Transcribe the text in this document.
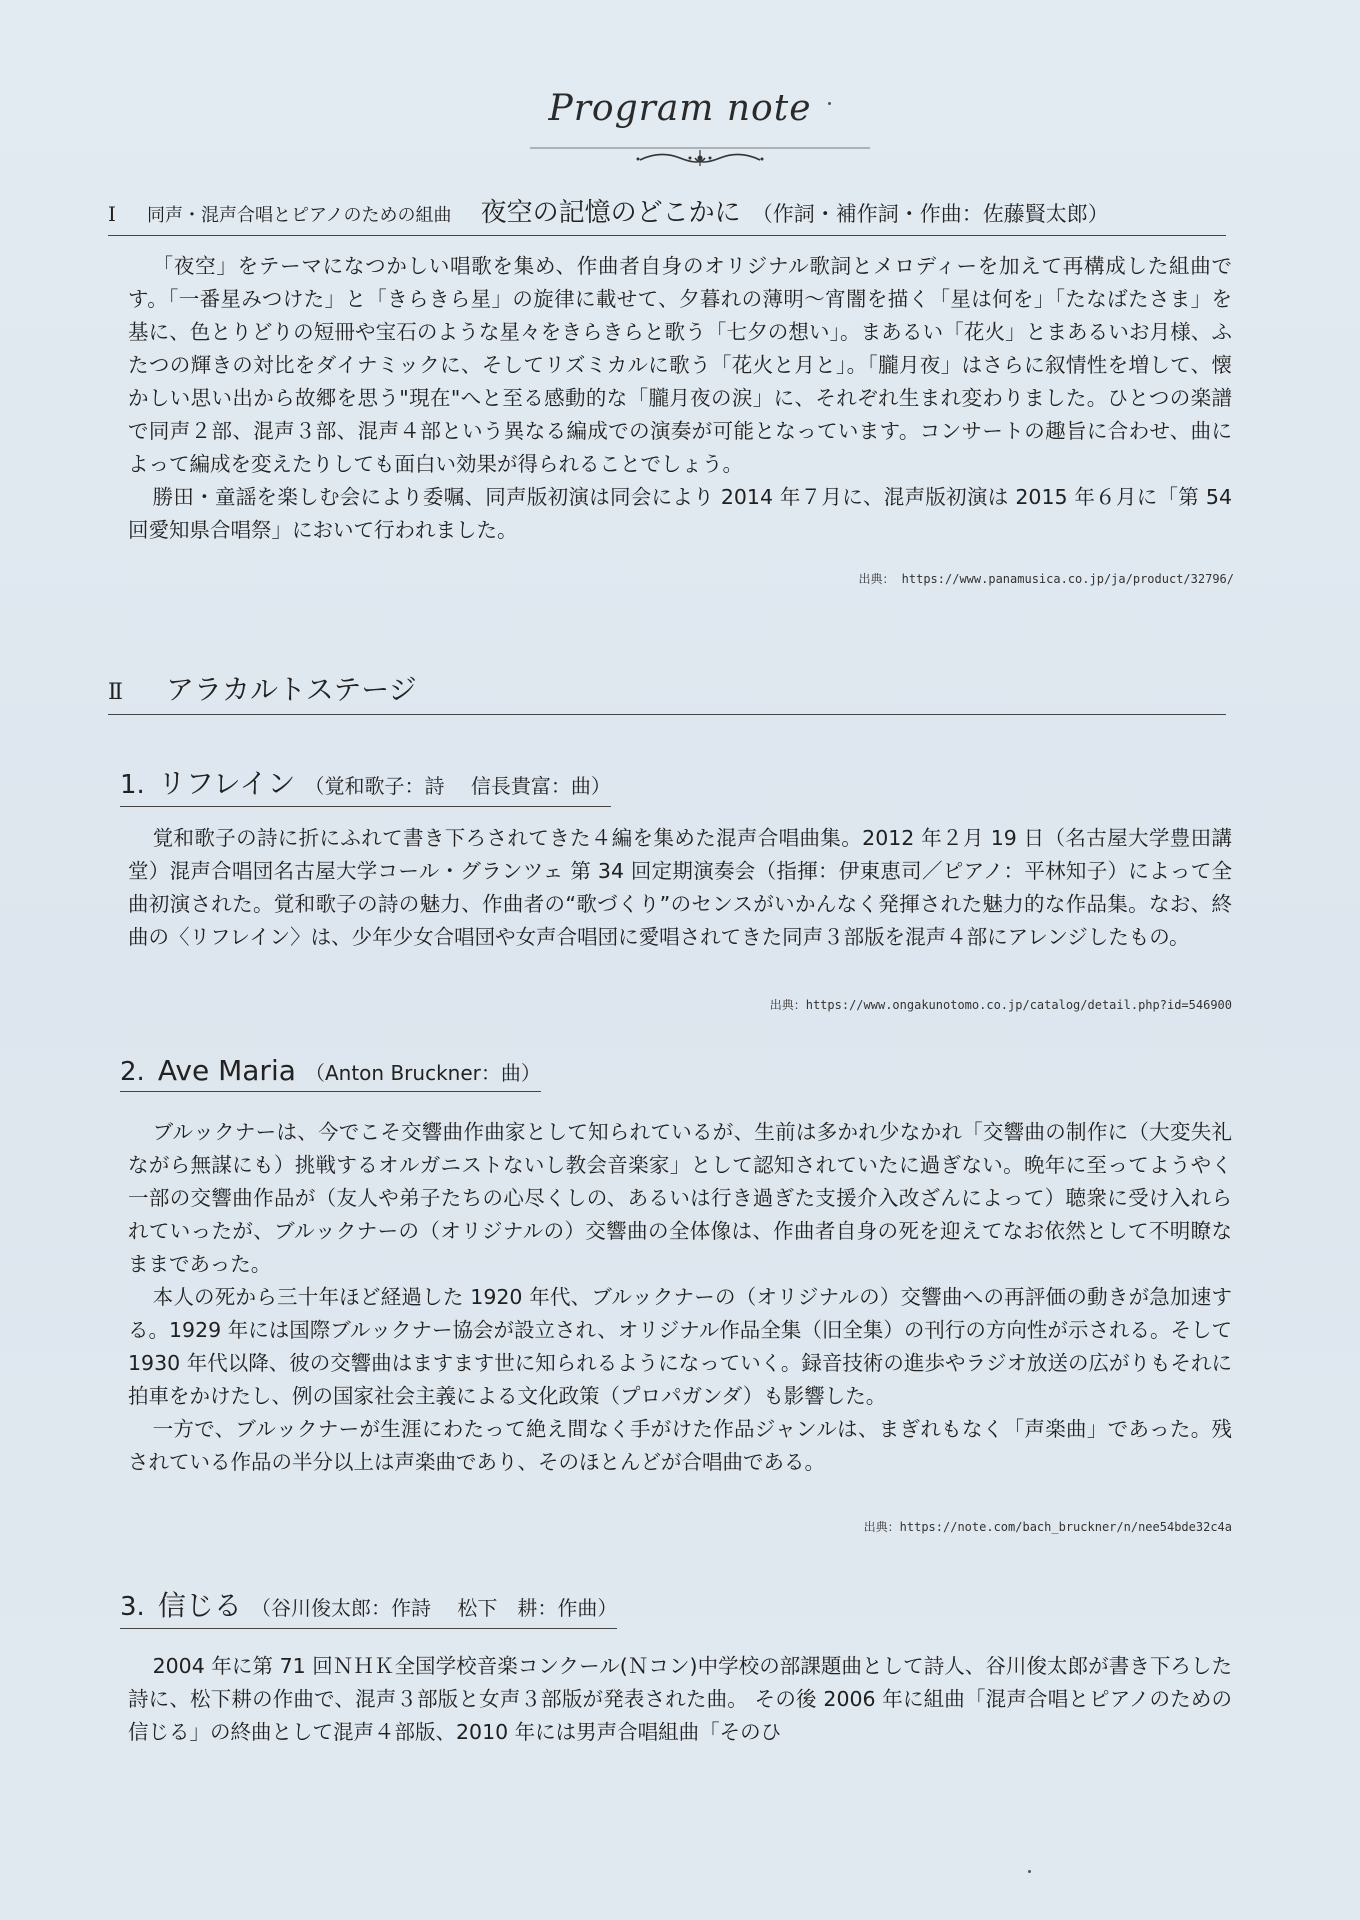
Program note
Ⅰ 同声・混声合唱とピアノのための組曲 夜空の記憶のどこかに （作詞・補作詞・作曲：佐藤賢太郎）

「夜空」をテーマになつかしい唱歌を集め、作曲者自身のオリジナル歌詞とメロディーを加えて再構成した組曲です。「一番星みつけた」と「きらきら星」の旋律に載せて、夕暮れの薄明～宵闇を描く「星は何を」「たなばたさま」を基に、色とりどりの短冊や宝石のような星々をきらきらと歌う「七夕の想い」。まあるい「花火」とまあるいお月様、ふたつの輝きの対比をダイナミックに、そしてリズミカルに歌う「花火と月と」。「朧月夜」はさらに叙情性を増して、懐かしい思い出から故郷を思う"現在"へと至る感動的な「朧月夜の涙」に、それぞれ生まれ変わりました。ひとつの楽譜で同声２部、混声３部、混声４部という異なる編成での演奏が可能となっています。コンサートの趣旨に合わせ、曲によって編成を変えたりしても面白い効果が得られることでしょう。

勝田・童謡を楽しむ会により委嘱、同声版初演は同会により 2014 年７月に、混声版初演は 2015 年６月に「第 54 回愛知県合唱祭」において行われました。

出典： https://www.panamusica.co.jp/ja/product/32796/
Ⅱ アラカルトステージ
1. リフレイン （覚和歌子：詩　 信長貴富：曲）

覚和歌子の詩に折にふれて書き下ろされてきた４編を集めた混声合唱曲集。2012 年２月 19 日（名古屋大学豊田講堂）混声合唱団名古屋大学コール・グランツェ 第 34 回定期演奏会（指揮：伊東恵司／ピアノ：平林知子）によって全曲初演された。覚和歌子の詩の魅力、作曲者の“歌づくり”のセンスがいかんなく発揮された魅力的な作品集。なお、終曲の〈リフレイン〉は、少年少女合唱団や女声合唱団に愛唱されてきた同声３部版を混声４部にアレンジしたもの。

出典：https://www.ongakunotomo.co.jp/catalog/detail.php?id=546900
2. Ave Maria （Anton Bruckner：曲）

ブルックナーは、今でこそ交響曲作曲家として知られているが、生前は多かれ少なかれ「交響曲の制作に（大変失礼ながら無謀にも）挑戦するオルガニストないし教会音楽家」として認知されていたに過ぎない。晩年に至ってようやく一部の交響曲作品が（友人や弟子たちの心尽くしの、あるいは行き過ぎた支援介入改ざんによって）聴衆に受け入れられていったが、ブルックナーの（オリジナルの）交響曲の全体像は、作曲者自身の死を迎えてなお依然として不明瞭なままであった。

本人の死から三十年ほど経過した 1920 年代、ブルックナーの（オリジナルの）交響曲への再評価の動きが急加速する。1929 年には国際ブルックナー協会が設立され、オリジナル作品全集（旧全集）の刊行の方向性が示される。そして 1930 年代以降、彼の交響曲はますます世に知られるようになっていく。録音技術の進歩やラジオ放送の広がりもそれに拍車をかけたし、例の国家社会主義による文化政策（プロパガンダ）も影響した。

一方で、ブルックナーが生涯にわたって絶え間なく手がけた作品ジャンルは、まぎれもなく「声楽曲」であった。残されている作品の半分以上は声楽曲であり、そのほとんどが合唱曲である。

出典：https://note.com/bach_bruckner/n/nee54bde32c4a
3. 信じる （谷川俊太郎：作詩　 松下　耕：作曲）

2004 年に第 71 回ＮＨＫ全国学校音楽コンクール(Ｎコン)中学校の部課題曲として詩人、谷川俊太郎が書き下ろした詩に、松下耕の作曲で、混声３部版と女声３部版が発表された曲。 その後 2006 年に組曲「混声合唱とピアノのための　信じる」の終曲として混声４部版、2010 年には男声合唱組曲「そのひ
